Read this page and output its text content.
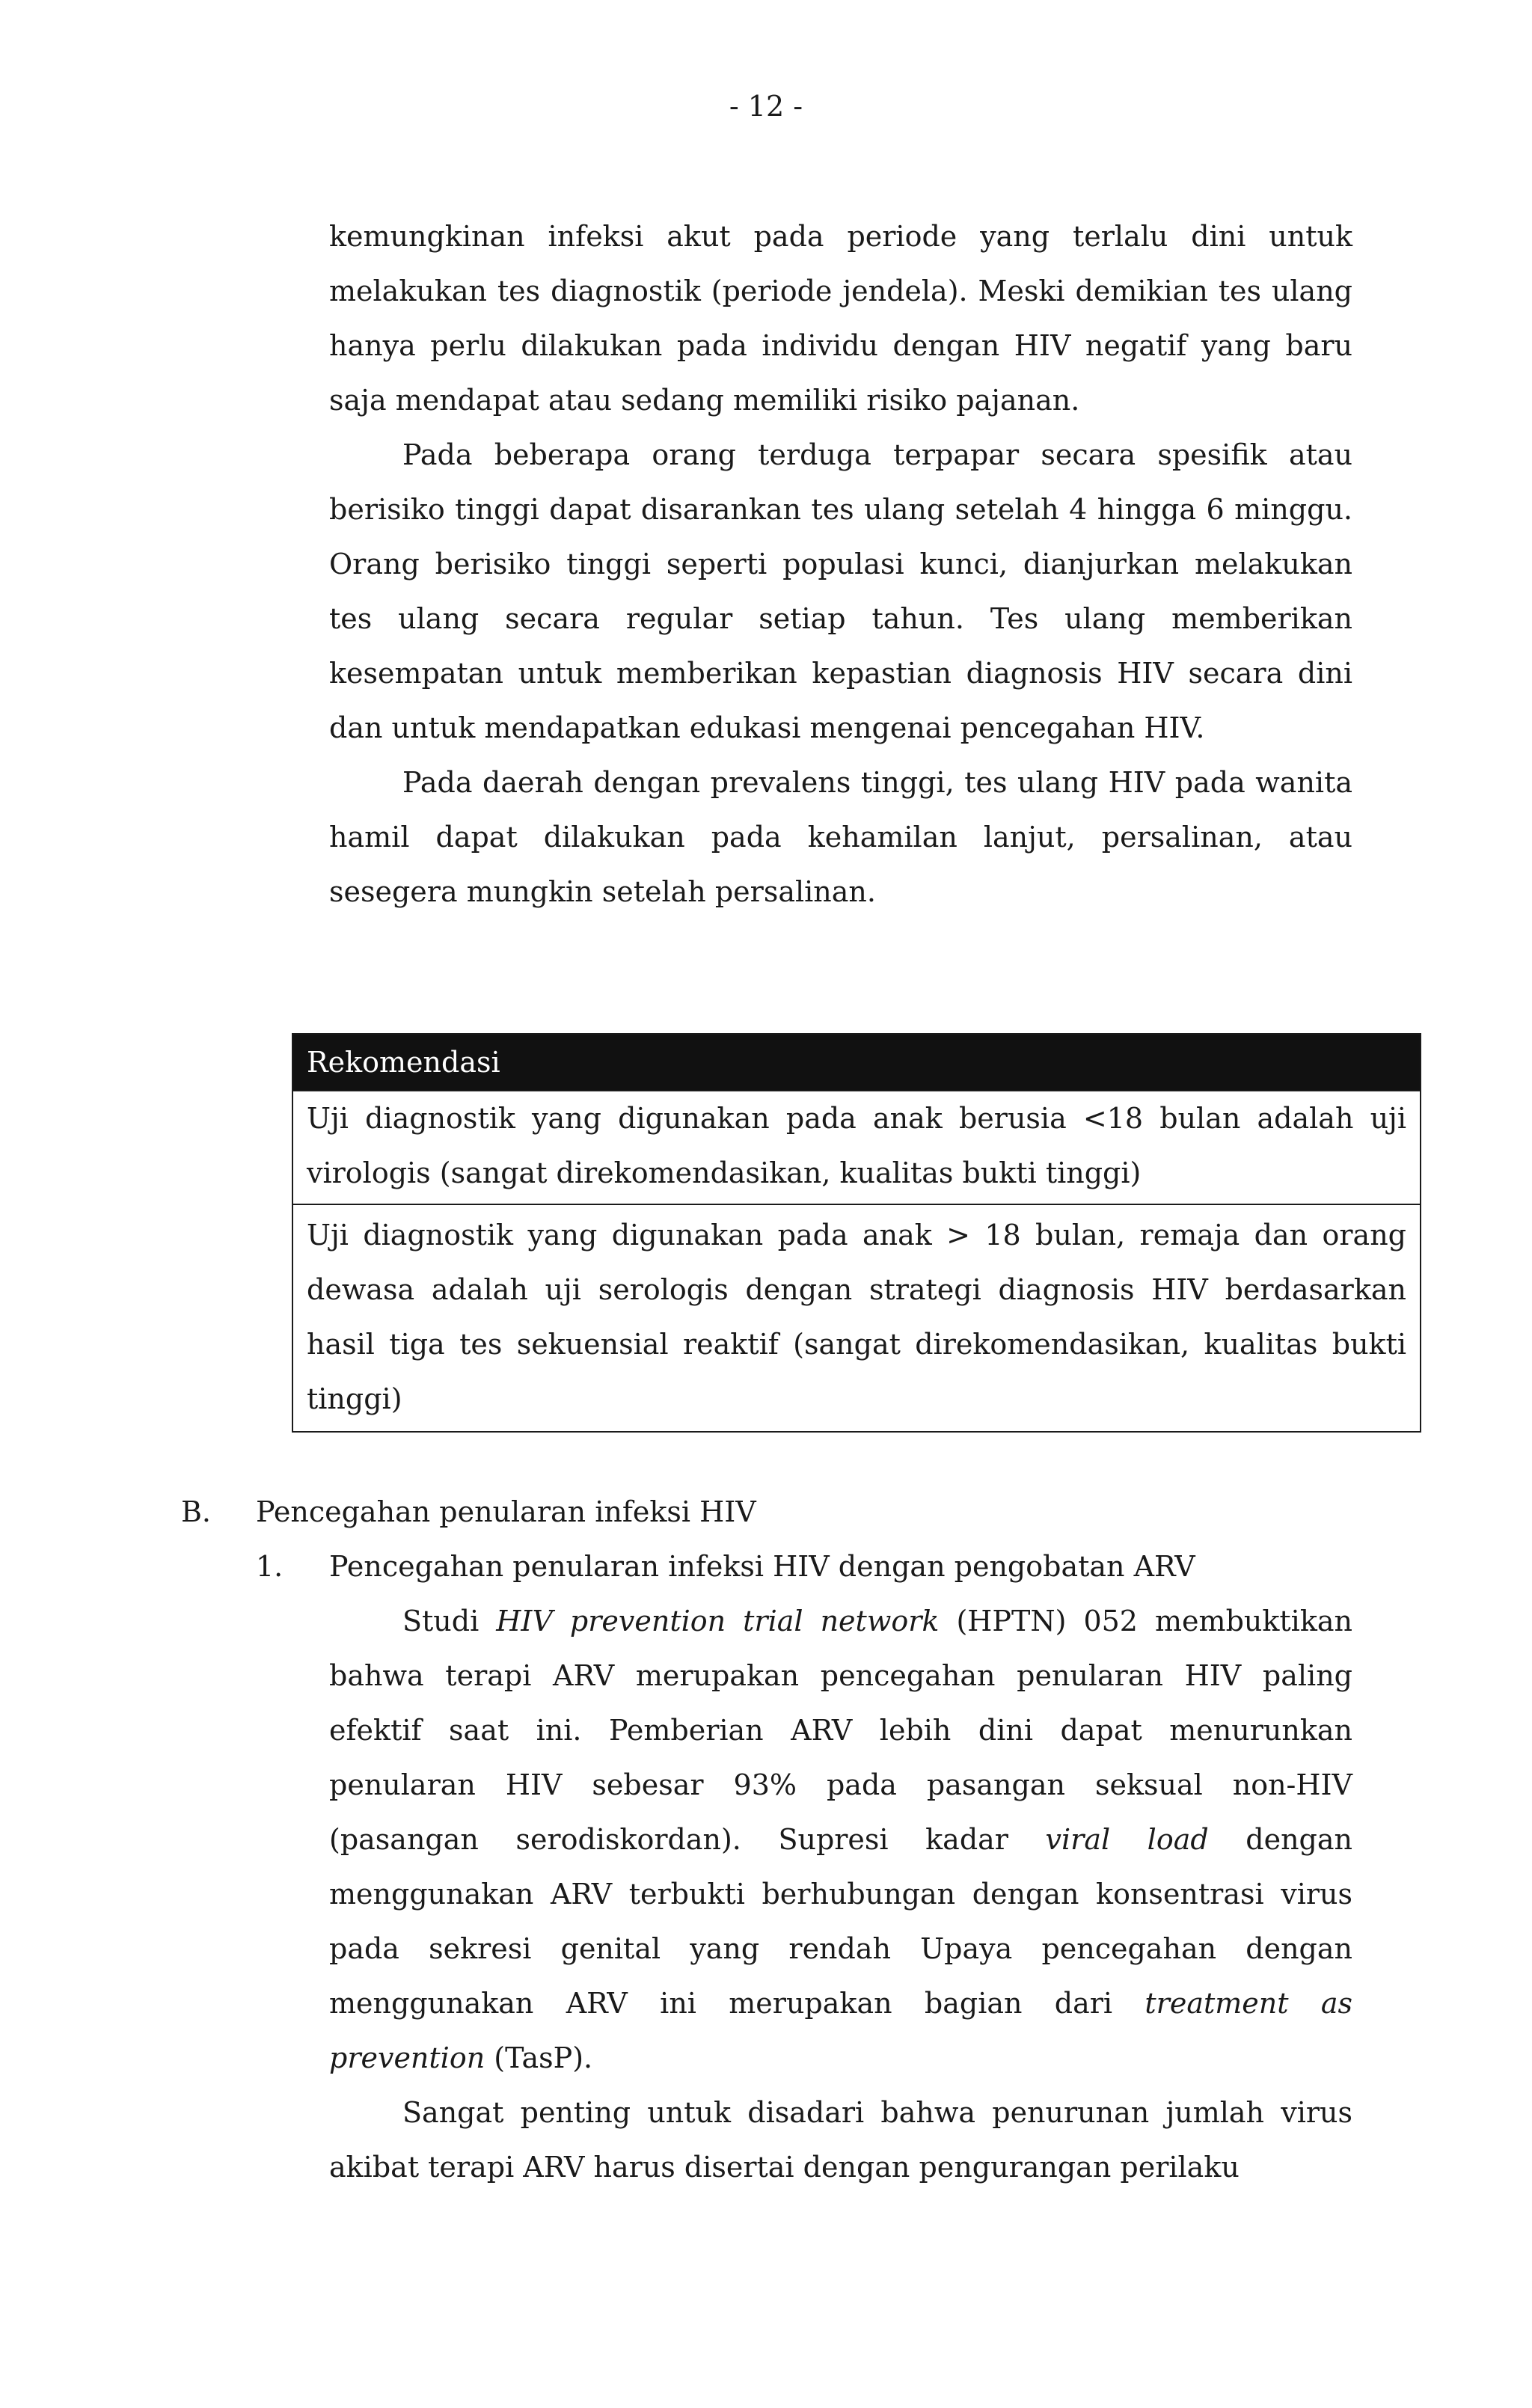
- 12 -

kemungkinan infeksi akut pada periode yang terlalu dini untuk melakukan tes diagnostik (periode jendela). Meski demikian tes ulang hanya perlu dilakukan pada individu dengan HIV negatif yang baru saja mendapat atau sedang memiliki risiko pajanan.

Pada beberapa orang terduga terpapar secara spesifik atau berisiko tinggi dapat disarankan tes ulang setelah 4 hingga 6 minggu. Orang berisiko tinggi seperti populasi kunci, dianjurkan melakukan tes ulang secara regular setiap tahun. Tes ulang memberikan kesempatan untuk memberikan kepastian diagnosis HIV secara dini dan untuk mendapatkan edukasi mengenai pencegahan HIV.

Pada daerah dengan prevalens tinggi, tes ulang HIV pada wanita hamil dapat dilakukan pada kehamilan lanjut, persalinan, atau sesegera mungkin setelah persalinan.

Rekomendasi

Uji diagnostik yang digunakan pada anak berusia <18 bulan adalah uji virologis (sangat direkomendasikan, kualitas bukti tinggi)

Uji diagnostik yang digunakan pada anak > 18 bulan, remaja dan orang dewasa adalah uji serologis dengan strategi diagnosis HIV berdasarkan hasil tiga tes sekuensial reaktif (sangat direkomendasikan, kualitas bukti tinggi)

B. Pencegahan penularan infeksi HIV
1. Pencegahan penularan infeksi HIV dengan pengobatan ARV

Studi HIV prevention trial network (HPTN) 052 membuktikan bahwa terapi ARV merupakan pencegahan penularan HIV paling efektif saat ini. Pemberian ARV lebih dini dapat menurunkan penularan HIV sebesar 93% pada pasangan seksual non-HIV (pasangan serodiskordan). Supresi kadar viral load dengan menggunakan ARV terbukti berhubungan dengan konsentrasi virus pada sekresi genital yang rendah Upaya pencegahan dengan menggunakan ARV ini merupakan bagian dari treatment as prevention (TasP).

Sangat penting untuk disadari bahwa penurunan jumlah virus akibat terapi ARV harus disertai dengan pengurangan perilaku
